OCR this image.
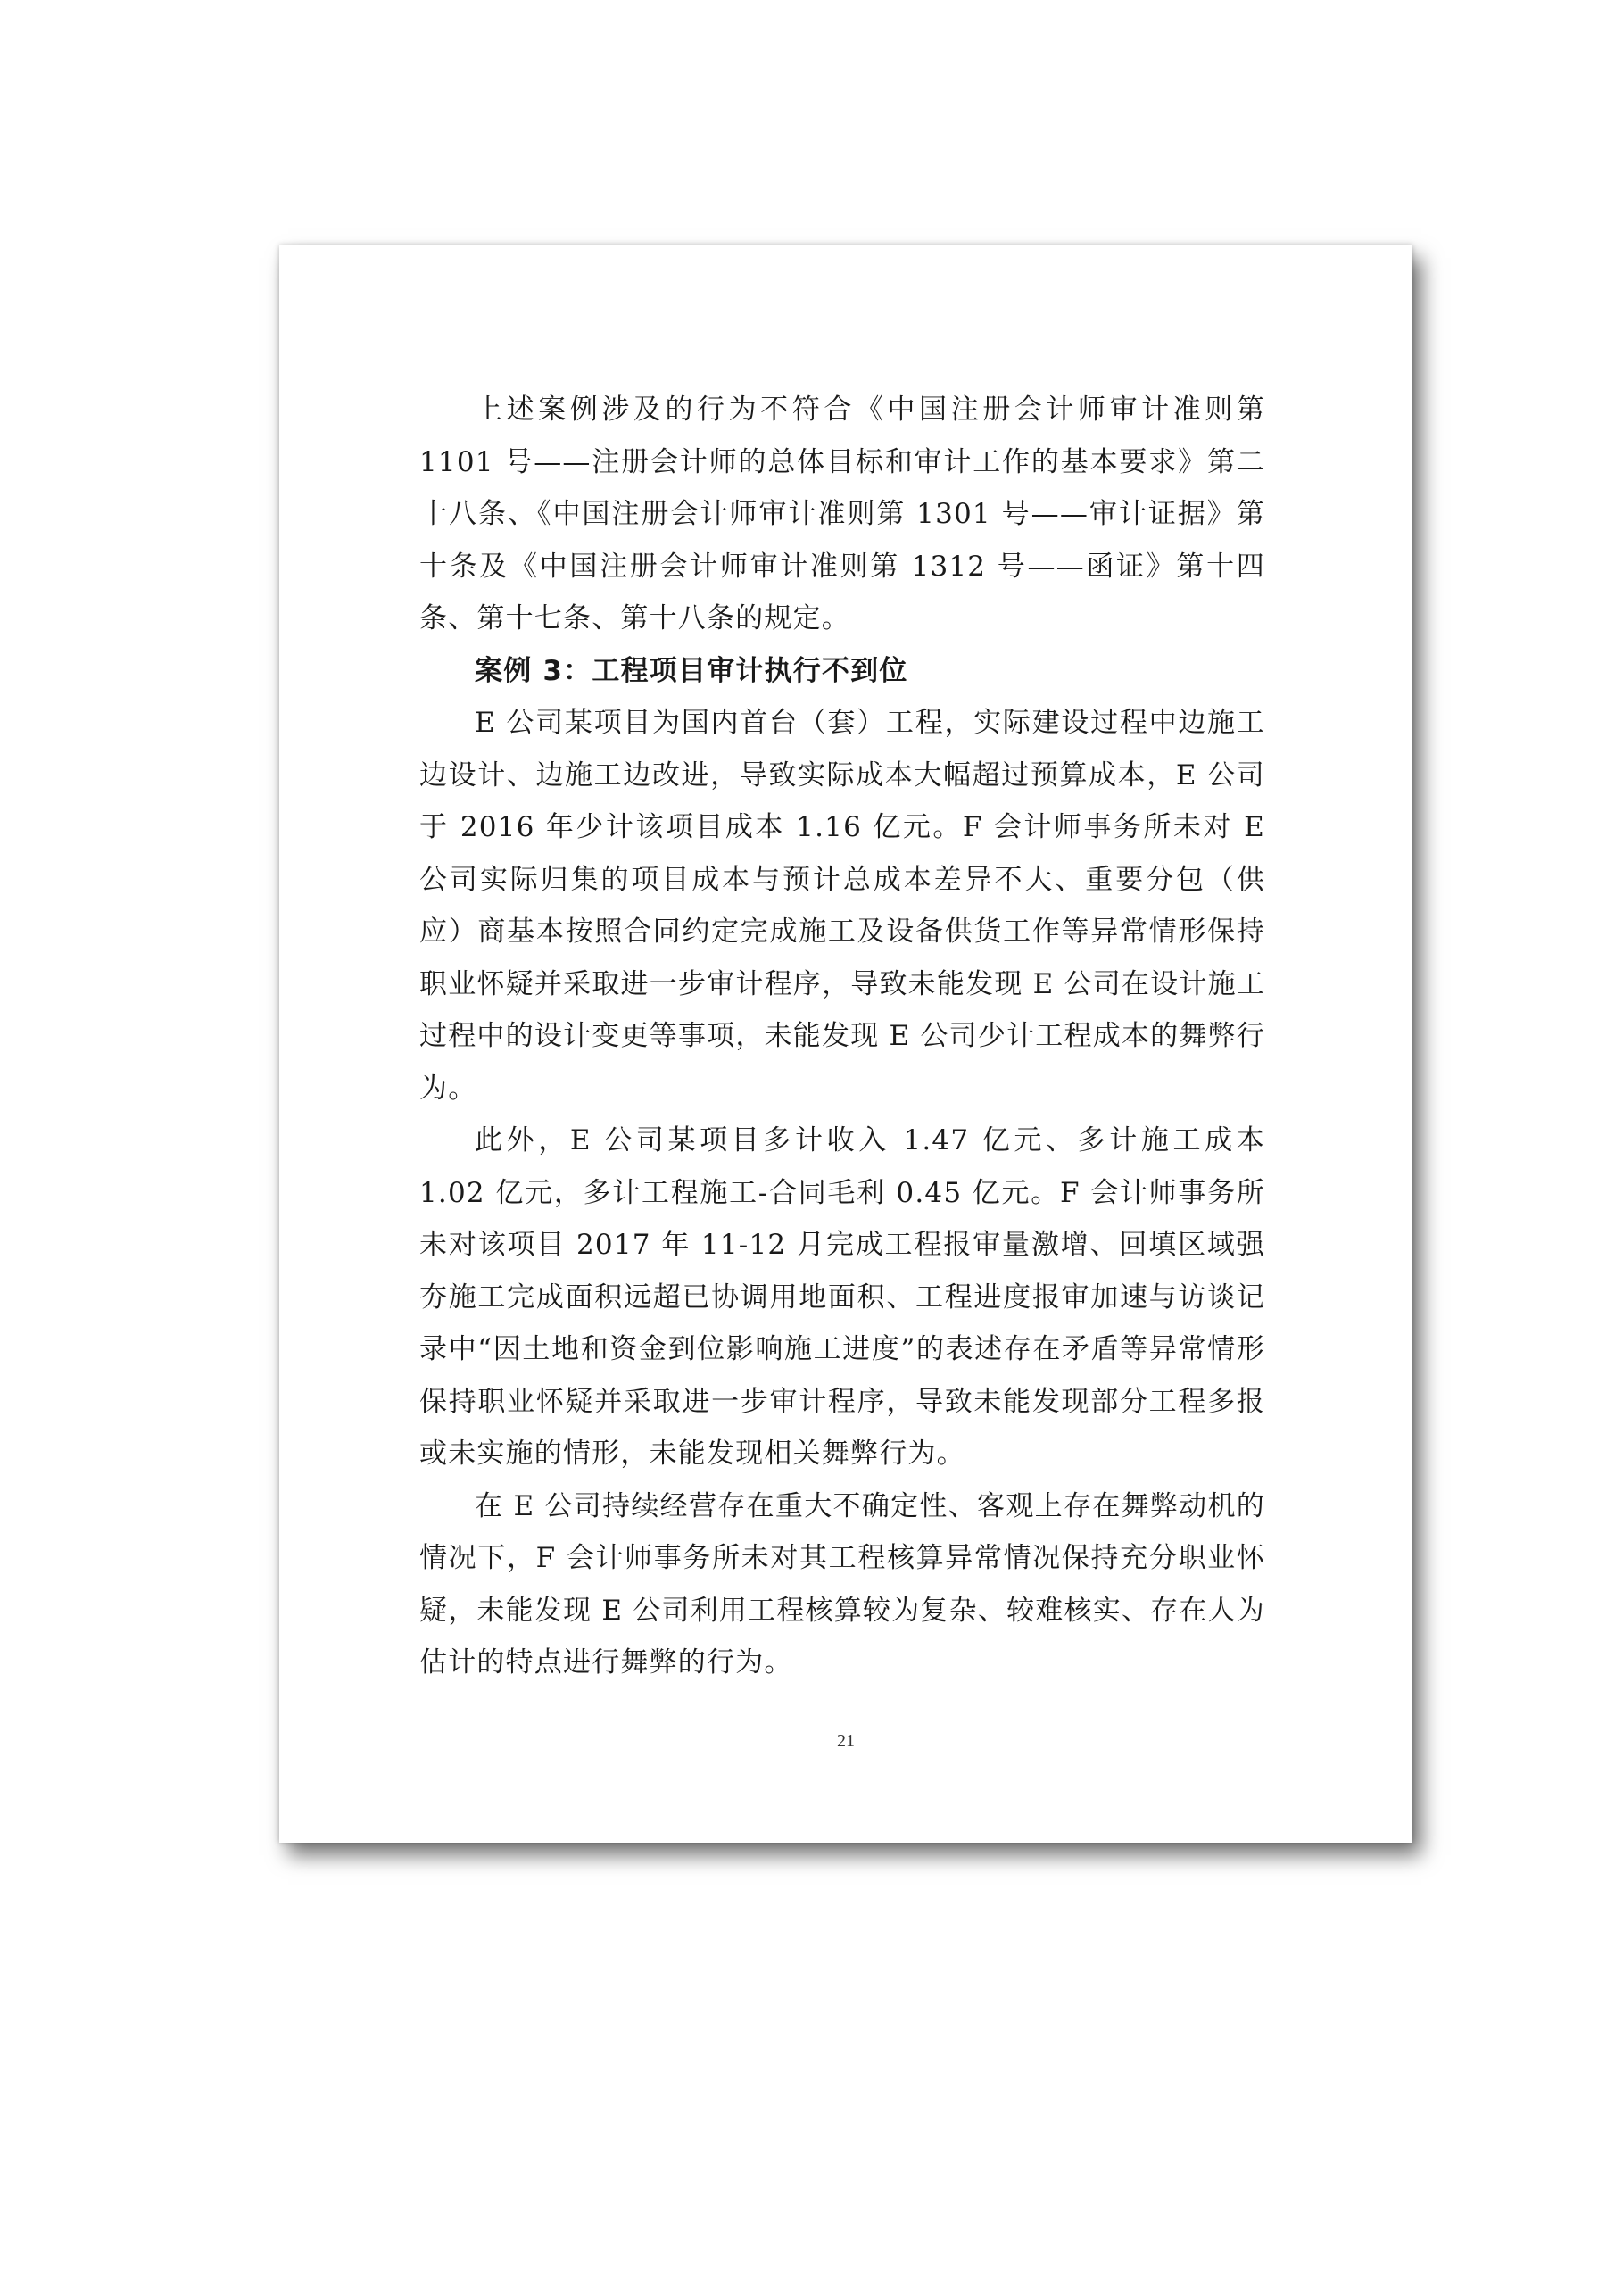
上述案例涉及的行为不符合《中国注册会计师审计准则第 1101 号——注册会计师的总体目标和审计工作的基本要求》第二十八条、《中国注册会计师审计准则第 1301 号——审计证据》第十条及《中国注册会计师审计准则第 1312 号——函证》第十四条、第十七条、第十八条的规定。

案例 3：工程项目审计执行不到位

E 公司某项目为国内首台（套）工程，实际建设过程中边施工边设计、边施工边改进，导致实际成本大幅超过预算成本，E 公司于 2016 年少计该项目成本 1.16 亿元。F 会计师事务所未对 E 公司实际归集的项目成本与预计总成本差异不大、重要分包（供应）商基本按照合同约定完成施工及设备供货工作等异常情形保持职业怀疑并采取进一步审计程序，导致未能发现 E 公司在设计施工过程中的设计变更等事项，未能发现 E 公司少计工程成本的舞弊行为。

此外，E 公司某项目多计收入 1.47 亿元、多计施工成本 1.02 亿元，多计工程施工-合同毛利 0.45 亿元。F 会计师事务所未对该项目 2017 年 11-12 月完成工程报审量激增、回填区域强夯施工完成面积远超已协调用地面积、工程进度报审加速与访谈记录中“因土地和资金到位影响施工进度”的表述存在矛盾等异常情形保持职业怀疑并采取进一步审计程序，导致未能发现部分工程多报或未实施的情形，未能发现相关舞弊行为。

在 E 公司持续经营存在重大不确定性、客观上存在舞弊动机的情况下，F 会计师事务所未对其工程核算异常情况保持充分职业怀疑，未能发现 E 公司利用工程核算较为复杂、较难核实、存在人为估计的特点进行舞弊的行为。

21
